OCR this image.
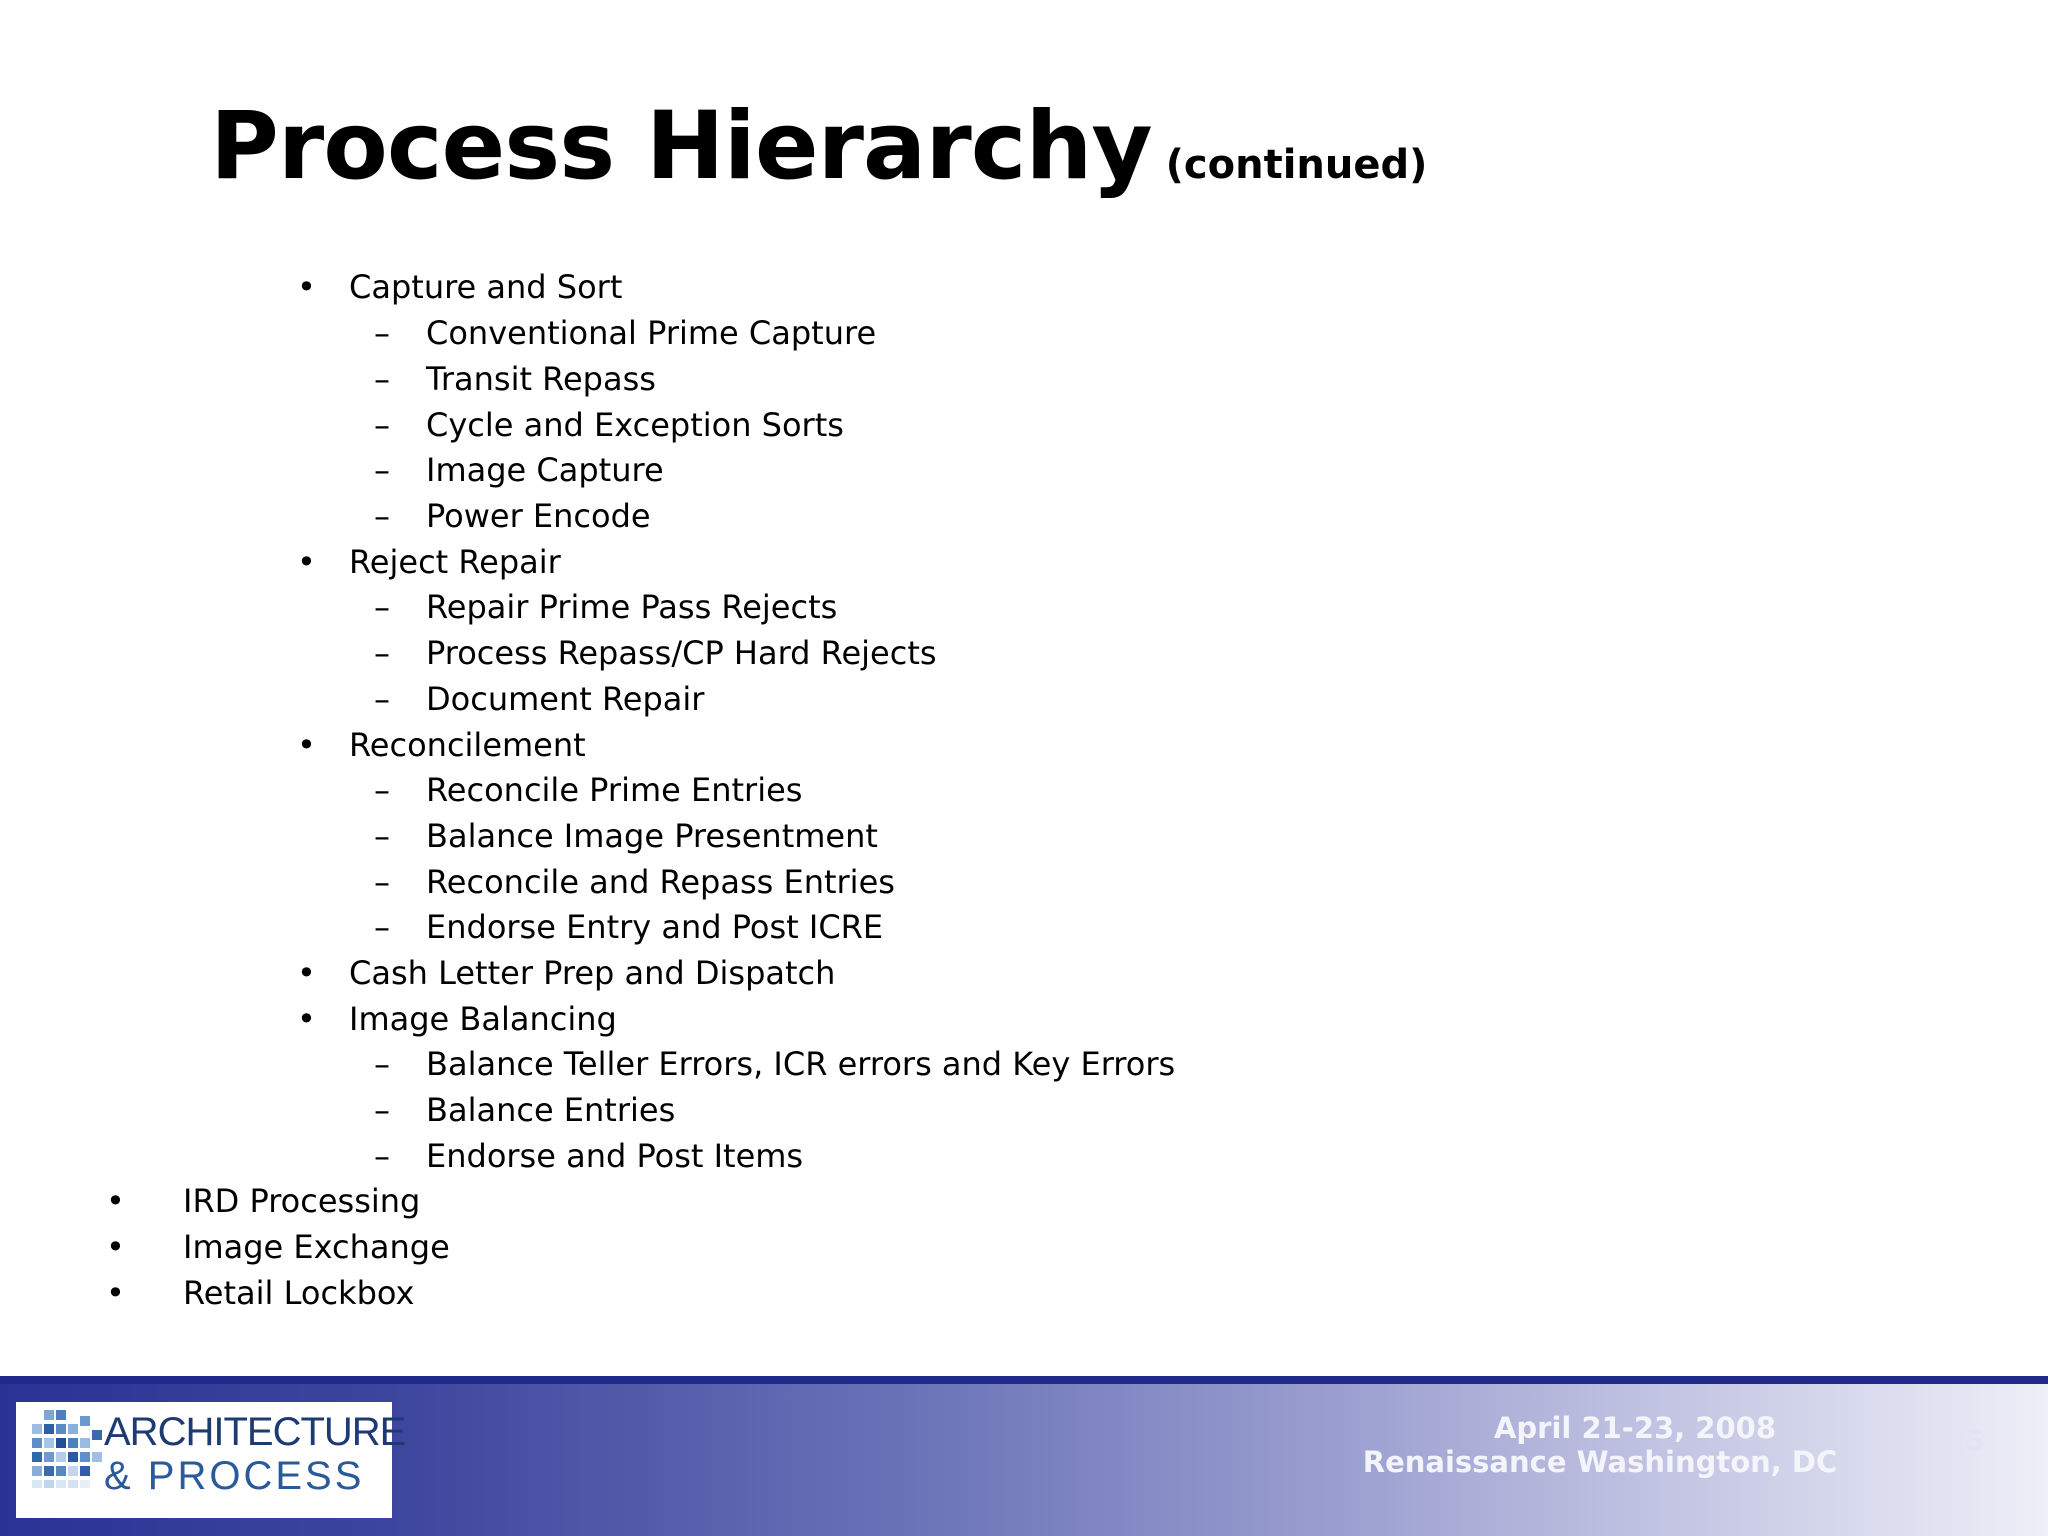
Process Hierarchy (continued)
• Capture and Sort
– Conventional Prime Capture
– Transit Repass
– Cycle and Exception Sorts
– Image Capture
– Power Encode
• Reject Repair
– Repair Prime Pass Rejects
– Process Repass/CP Hard Rejects
– Document Repair
• Reconcilement
– Reconcile Prime Entries
– Balance Image Presentment
– Reconcile and Repass Entries
– Endorse Entry and Post ICRE
• Cash Letter Prep and Dispatch
• Image Balancing
– Balance Teller Errors, ICR errors and Key Errors
– Balance Entries
– Endorse and Post Items
• IRD Processing
• Image Exchange
• Retail Lockbox
ARCHITECTURE
& PROCESS
April 21-23, 2008
Renaissance Washington, DC
25
